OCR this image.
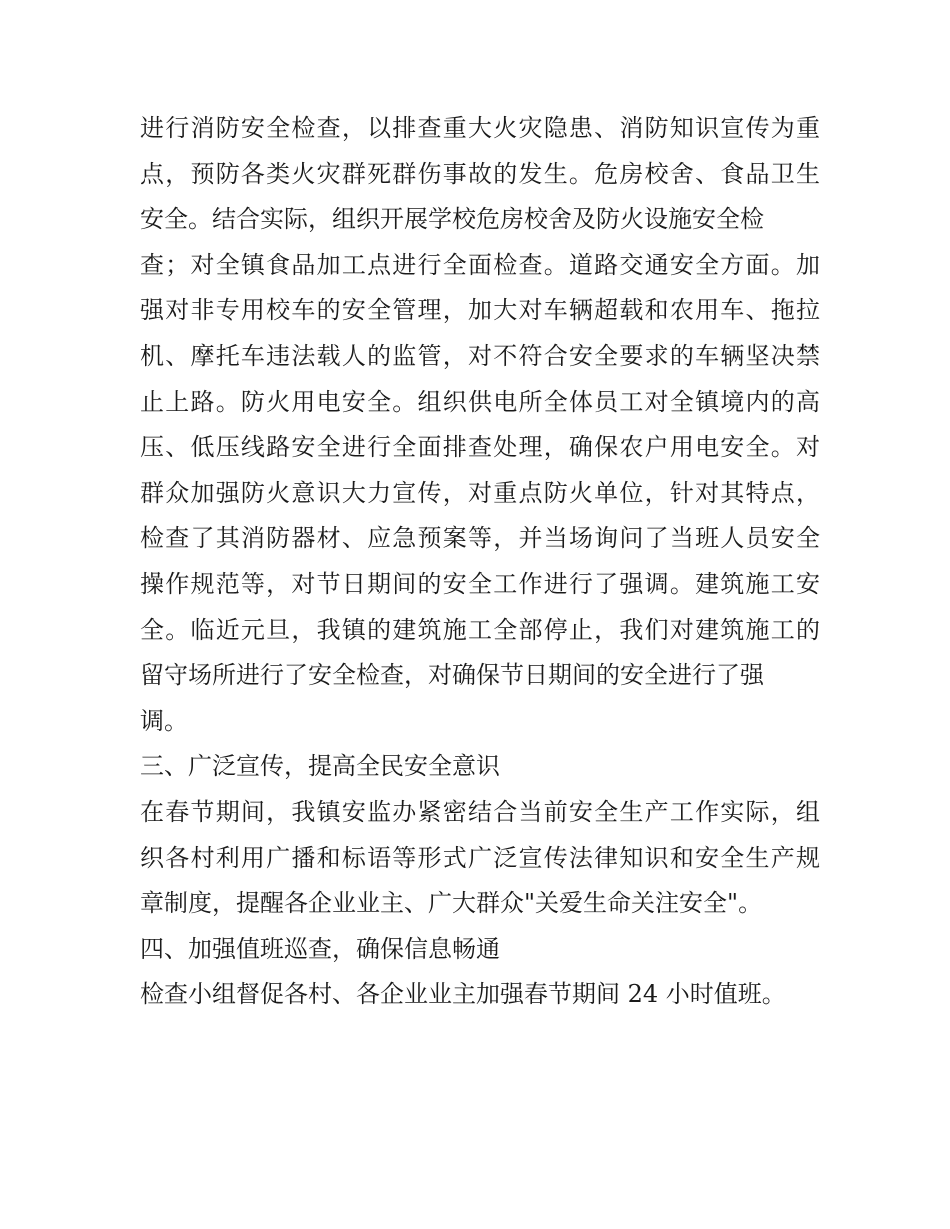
进行消防安全检查，以排查重大火灾隐患、消防知识宣传为重
点，预防各类火灾群死群伤事故的发生。危房校舍、食品卫生
安全。结合实际，组织开展学校危房校舍及防火设施安全检
查；对全镇食品加工点进行全面检查。道路交通安全方面。加
强对非专用校车的安全管理，加大对车辆超载和农用车、拖拉
机、摩托车违法载人的监管，对不符合安全要求的车辆坚决禁
止上路。防火用电安全。组织供电所全体员工对全镇境内的高
压、低压线路安全进行全面排查处理，确保农户用电安全。对
群众加强防火意识大力宣传，对重点防火单位，针对其特点，
检查了其消防器材、应急预案等，并当场询问了当班人员安全
操作规范等，对节日期间的安全工作进行了强调。建筑施工安
全。临近元旦，我镇的建筑施工全部停止，我们对建筑施工的
留守场所进行了安全检查，对确保节日期间的安全进行了强
调。
三、广泛宣传，提高全民安全意识
在春节期间，我镇安监办紧密结合当前安全生产工作实际，组
织各村利用广播和标语等形式广泛宣传法律知识和安全生产规
章制度，提醒各企业业主、广大群众"关爱生命关注安全"。
四、加强值班巡查，确保信息畅通
检查小组督促各村、各企业业主加强春节期间 24 小时值班。
